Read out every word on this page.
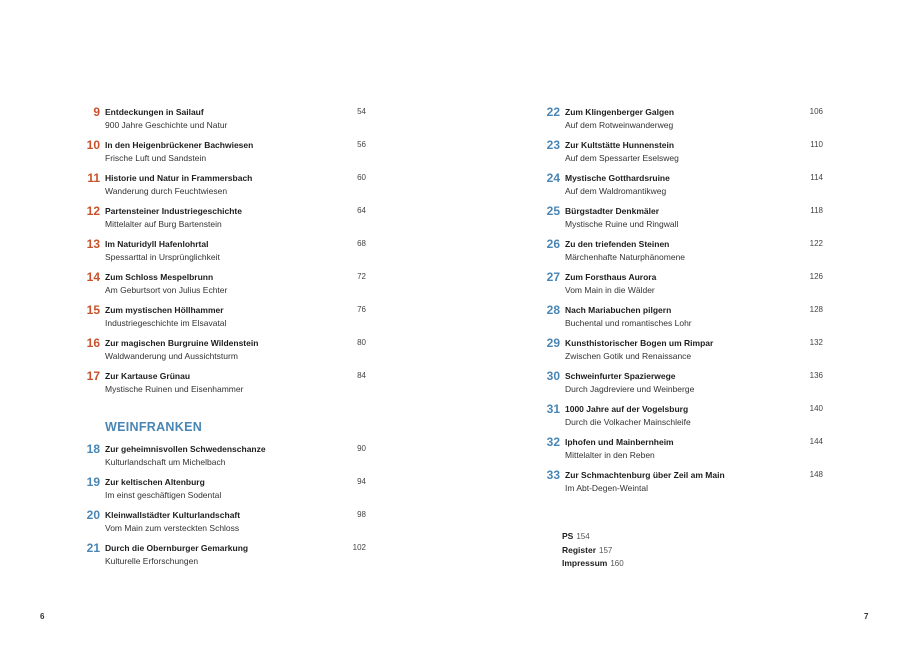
9 Entdeckungen in Sailauf
900 Jahre Geschichte und Natur
54
10 In den Heigenbrückener Bachwiesen
Frische Luft und Sandstein
56
11 Historie und Natur in Frammersbach
Wanderung durch Feuchtwiesen
60
12 Partensteiner Industriegeschichte
Mittelalter auf Burg Bartenstein
64
13 Im Naturidyll Hafenlohrtal
Spessarttal in Ursprünglichkeit
68
14 Zum Schloss Mespelbrunn
Am Geburtsort von Julius Echter
72
15 Zum mystischen Höllhammer
Industriegeschichte im Elsavatal
76
16 Zur magischen Burgruine Wildenstein
Waldwanderung und Aussichtsturm
80
17 Zur Kartause Grünau
Mystische Ruinen und Eisenhammer
84
WEINFRANKEN
18 Zur geheimnisvollen Schwedenschanze
Kulturlandschaft um Michelbach
90
19 Zur keltischen Altenburg
Im einst geschäftigen Sodental
94
20 Kleinwallstädter Kulturlandschaft
Vom Main zum versteckten Schloss
98
21 Durch die Obernburger Gemarkung
Kulturelle Erforschungen
102
22 Zum Klingenberger Galgen
Auf dem Rotweinwanderweg
106
23 Zur Kultstätte Hunnenstein
Auf dem Spessarter Eselsweg
110
24 Mystische Gotthardsruine
Auf dem Waldromantikweg
114
25 Bürgstadter Denkmäler
Mystische Ruine und Ringwall
118
26 Zu den triefenden Steinen
Märchenhafte Naturphänomene
122
27 Zum Forsthaus Aurora
Vom Main in die Wälder
126
28 Nach Mariabuchen pilgern
Buchental und romantisches Lohr
128
29 Kunsthistorischer Bogen um Rimpar
Zwischen Gotik und Renaissance
132
30 Schweinfurter Spazierwege
Durch Jagdreviere und Weinberge
136
31 1000 Jahre auf der Vogelsburg
Durch die Volkacher Mainschleife
140
32 Iphofen und Mainbernheim
Mittelalter in den Reben
144
33 Zur Schmachtenburg über Zeil am Main
Im Abt-Degen-Weintal
148
PS 154
Register 157
Impressum 160
6	7
